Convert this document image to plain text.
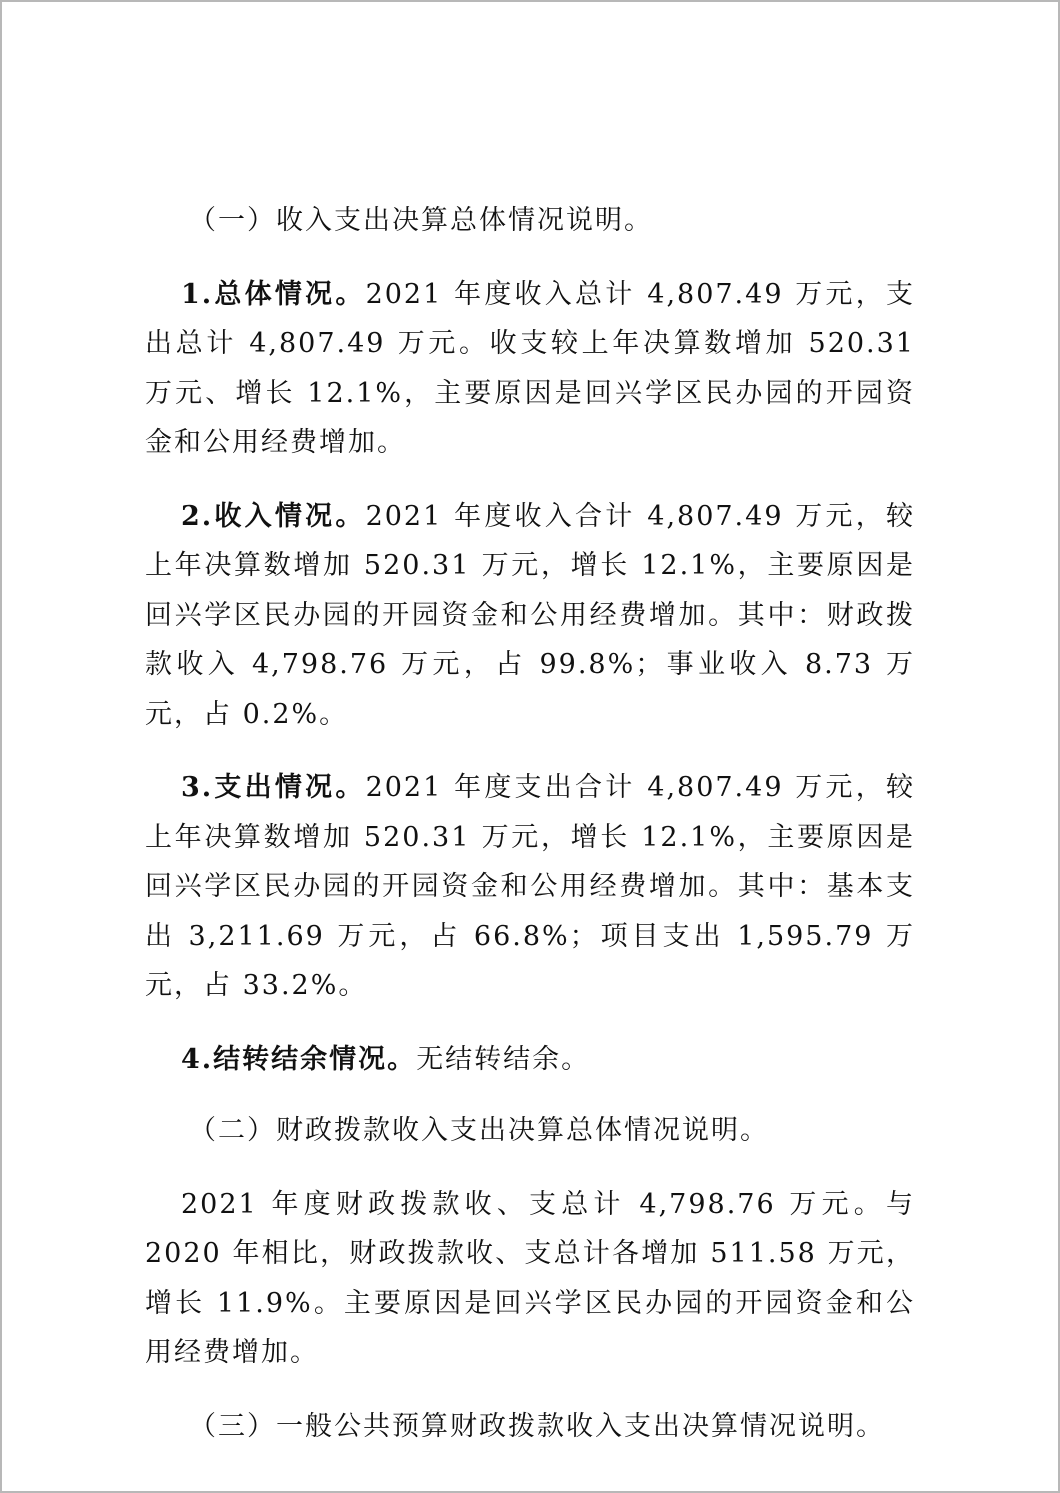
（一）收入支出决算总体情况说明。

1.总体情况。2021 年度收入总计 4,807.49 万元，支出总计 4,807.49 万元。收支较上年决算数增加 520.31 万元、增长 12.1%，主要原因是回兴学区民办园的开园资金和公用经费增加。

2.收入情况。2021 年度收入合计 4,807.49 万元，较上年决算数增加 520.31 万元，增长 12.1%，主要原因是回兴学区民办园的开园资金和公用经费增加。其中：财政拨款收入 4,798.76 万元，占 99.8%；事业收入 8.73 万元，占 0.2%。

3.支出情况。2021 年度支出合计 4,807.49 万元，较上年决算数增加 520.31 万元，增长 12.1%，主要原因是回兴学区民办园的开园资金和公用经费增加。其中：基本支出 3,211.69 万元，占 66.8%；项目支出 1,595.79 万元，占 33.2%。

4.结转结余情况。无结转结余。

（二）财政拨款收入支出决算总体情况说明。

2021 年度财政拨款收、支总计 4,798.76 万元。与 2020 年相比，财政拨款收、支总计各增加 511.58 万元，增长 11.9%。主要原因是回兴学区民办园的开园资金和公用经费增加。

（三）一般公共预算财政拨款收入支出决算情况说明。
